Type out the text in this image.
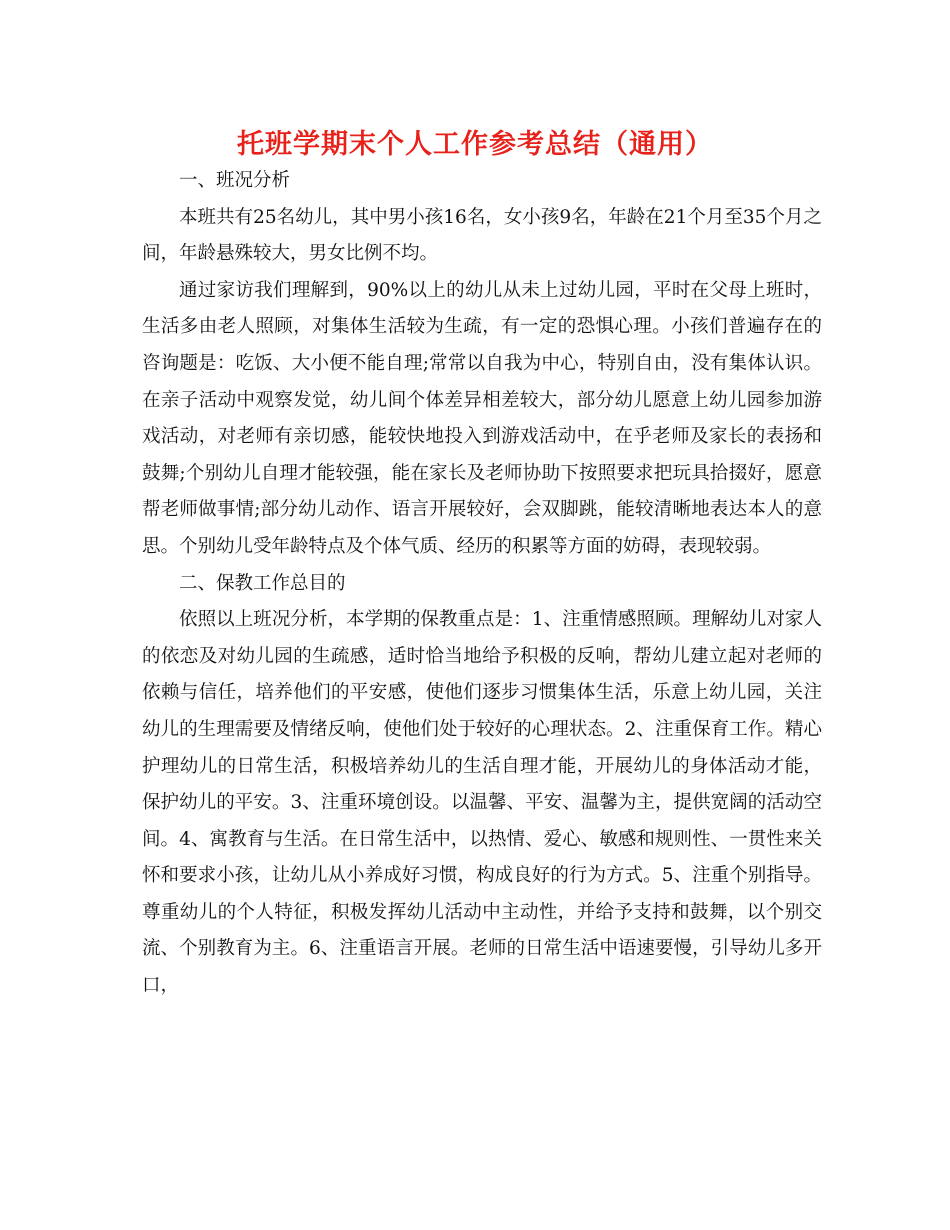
托班学期末个人工作参考总结（通用）

一、班况分析

本班共有25名幼儿，其中男小孩16名，女小孩9名，年龄在21个月至35个月之间，年龄悬殊较大，男女比例不均。

通过家访我们理解到，90%以上的幼儿从未上过幼儿园，平时在父母上班时，生活多由老人照顾，对集体生活较为生疏，有一定的恐惧心理。小孩们普遍存在的咨询题是：吃饭、大小便不能自理;常常以自我为中心，特别自由，没有集体认识。在亲子活动中观察发觉，幼儿间个体差异相差较大，部分幼儿愿意上幼儿园参加游戏活动，对老师有亲切感，能较快地投入到游戏活动中，在乎老师及家长的表扬和鼓舞;个别幼儿自理才能较强，能在家长及老师协助下按照要求把玩具拾掇好，愿意帮老师做事情;部分幼儿动作、语言开展较好，会双脚跳，能较清晰地表达本人的意思。个别幼儿受年龄特点及个体气质、经历的积累等方面的妨碍，表现较弱。

二、保教工作总目的

依照以上班况分析，本学期的保教重点是：1、注重情感照顾。理解幼儿对家人的依恋及对幼儿园的生疏感，适时恰当地给予积极的反响，帮幼儿建立起对老师的依赖与信任，培养他们的平安感，使他们逐步习惯集体生活，乐意上幼儿园，关注幼儿的生理需要及情绪反响，使他们处于较好的心理状态。2、注重保育工作。精心护理幼儿的日常生活，积极培养幼儿的生活自理才能，开展幼儿的身体活动才能，保护幼儿的平安。3、注重环境创设。以温馨、平安、温馨为主，提供宽阔的活动空间。4、寓教育与生活。在日常生活中，以热情、爱心、敏感和规则性、一贯性来关怀和要求小孩，让幼儿从小养成好习惯，构成良好的行为方式。5、注重个别指导。尊重幼儿的个人特征，积极发挥幼儿活动中主动性，并给予支持和鼓舞，以个别交流、个别教育为主。6、注重语言开展。老师的日常生活中语速要慢，引导幼儿多开口，
